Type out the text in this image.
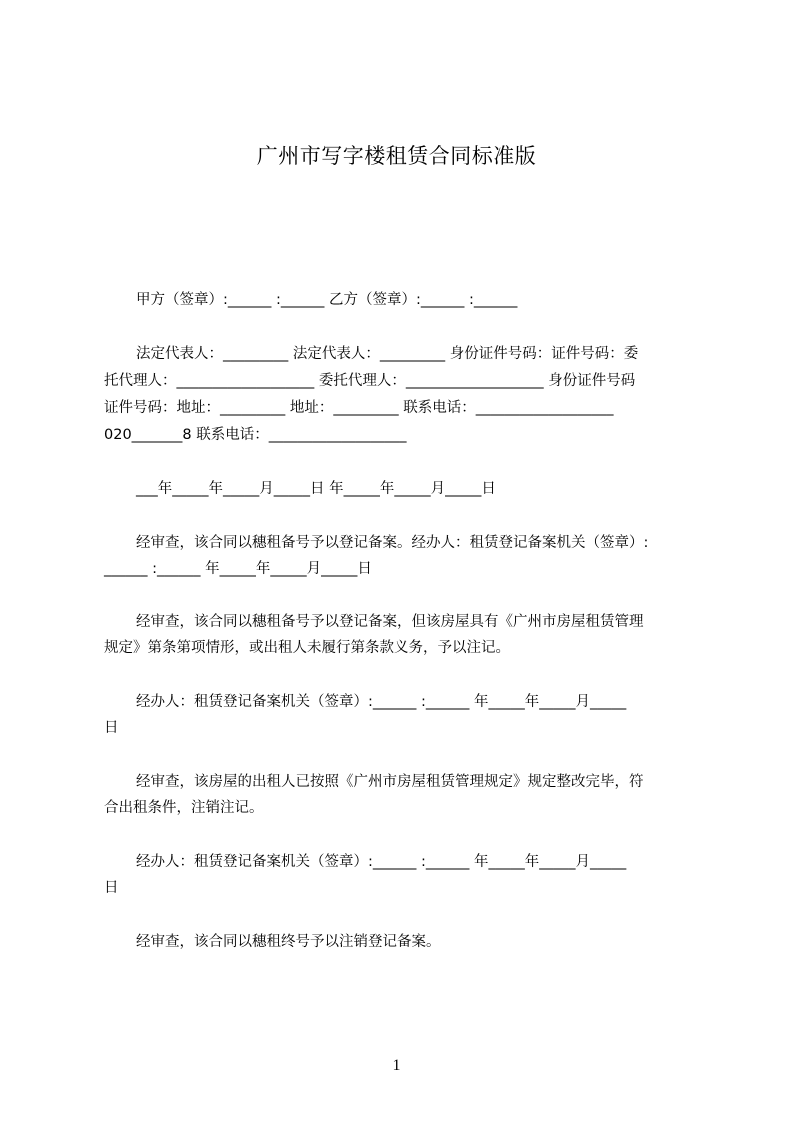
广州市写字楼租赁合同标准版
甲方（签章）:______ :______ 乙方（签章）:______ :______
法定代表人：_________ 法定代表人：_________ 身份证件号码：证件号码：委
托代理人：___________________ 委托代理人：___________________ 身份证件号码
证件号码：地址：_________ 地址：_________ 联系电话：___________________
020_______8 联系电话：___________________
___年_____年_____月_____日 年_____年_____月_____日
经审查，该合同以穗租备号予以登记备案。经办人：租赁登记备案机关（签章）:
______ :______ 年_____年_____月_____日
经审查，该合同以穗租备号予以登记备案，但该房屋具有《广州市房屋租赁管理
规定》第条第项情形，或出租人未履行第条款义务，予以注记。
经办人：租赁登记备案机关（签章）:______ :______ 年_____年_____月_____
日
经审查，该房屋的出租人已按照《广州市房屋租赁管理规定》规定整改完毕，符
合出租条件，注销注记。
经办人：租赁登记备案机关（签章）:______ :______ 年_____年_____月_____
日
经审查，该合同以穗租终号予以注销登记备案。
1
